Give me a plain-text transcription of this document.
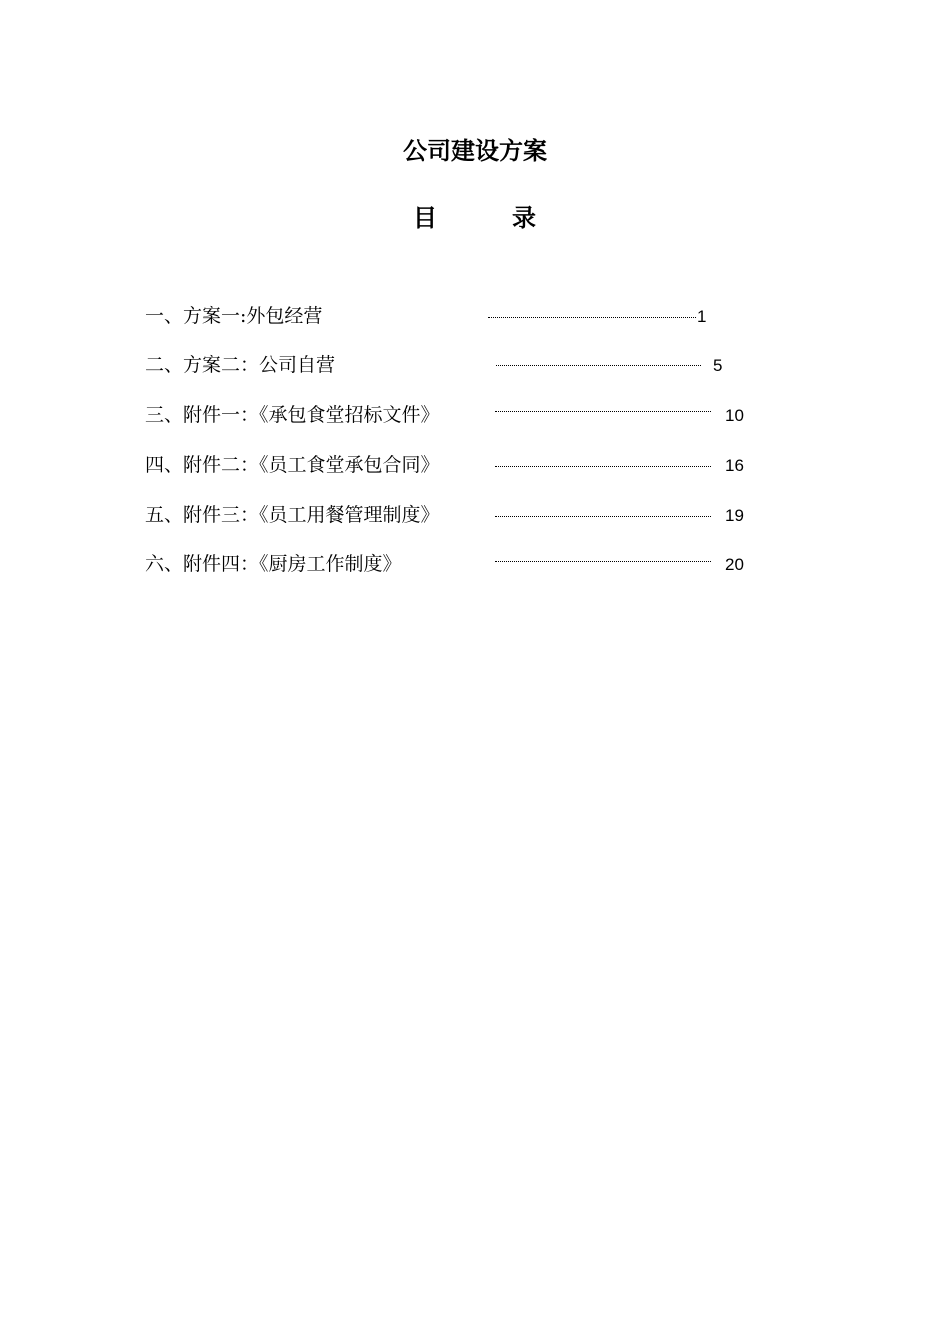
公司建设方案
目	录
一、方案一:外包经营	1
二、方案二：公司自营	5
三、附件一：《承包食堂招标文件》	10
四、附件二：《员工食堂承包合同》	16
五、附件三：《员工用餐管理制度》	19
六、附件四：《厨房工作制度》	20
